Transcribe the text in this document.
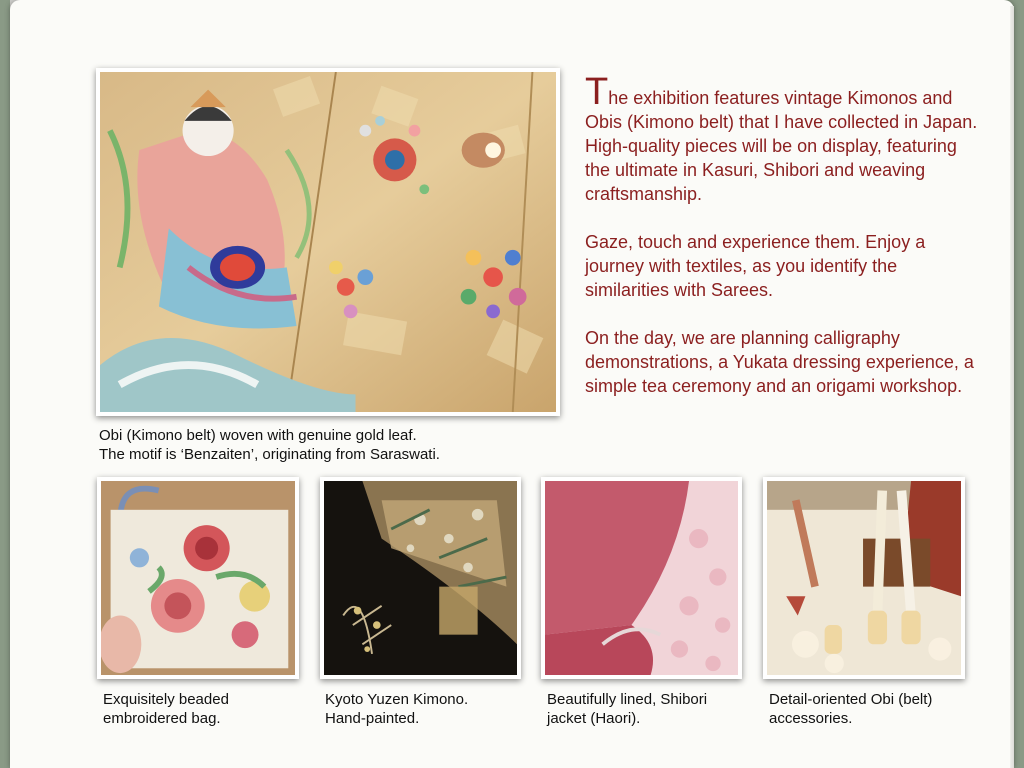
Obi (Kimono belt) woven with genuine gold leaf.
The motif is ‘Benzaiten’, originating from Saraswati.

The exhibition features vintage Kimonos and Obis (Kimono belt) that I have collected in Japan. High-quality pieces will be on display, featuring the ultimate in Kasuri, Shibori and weaving craftsmanship.

Gaze, touch and experience them. Enjoy a journey with textiles, as you identify the similarities with Sarees.

On the day, we are planning calligraphy demonstrations, a Yukata dressing experience, a simple tea ceremony and an origami workshop.

Exquisitely beaded
embroidered bag.
Kyoto Yuzen Kimono.
Hand-painted.
Beautifully lined, Shibori
jacket (Haori).
Detail-oriented Obi (belt)
accessories.
